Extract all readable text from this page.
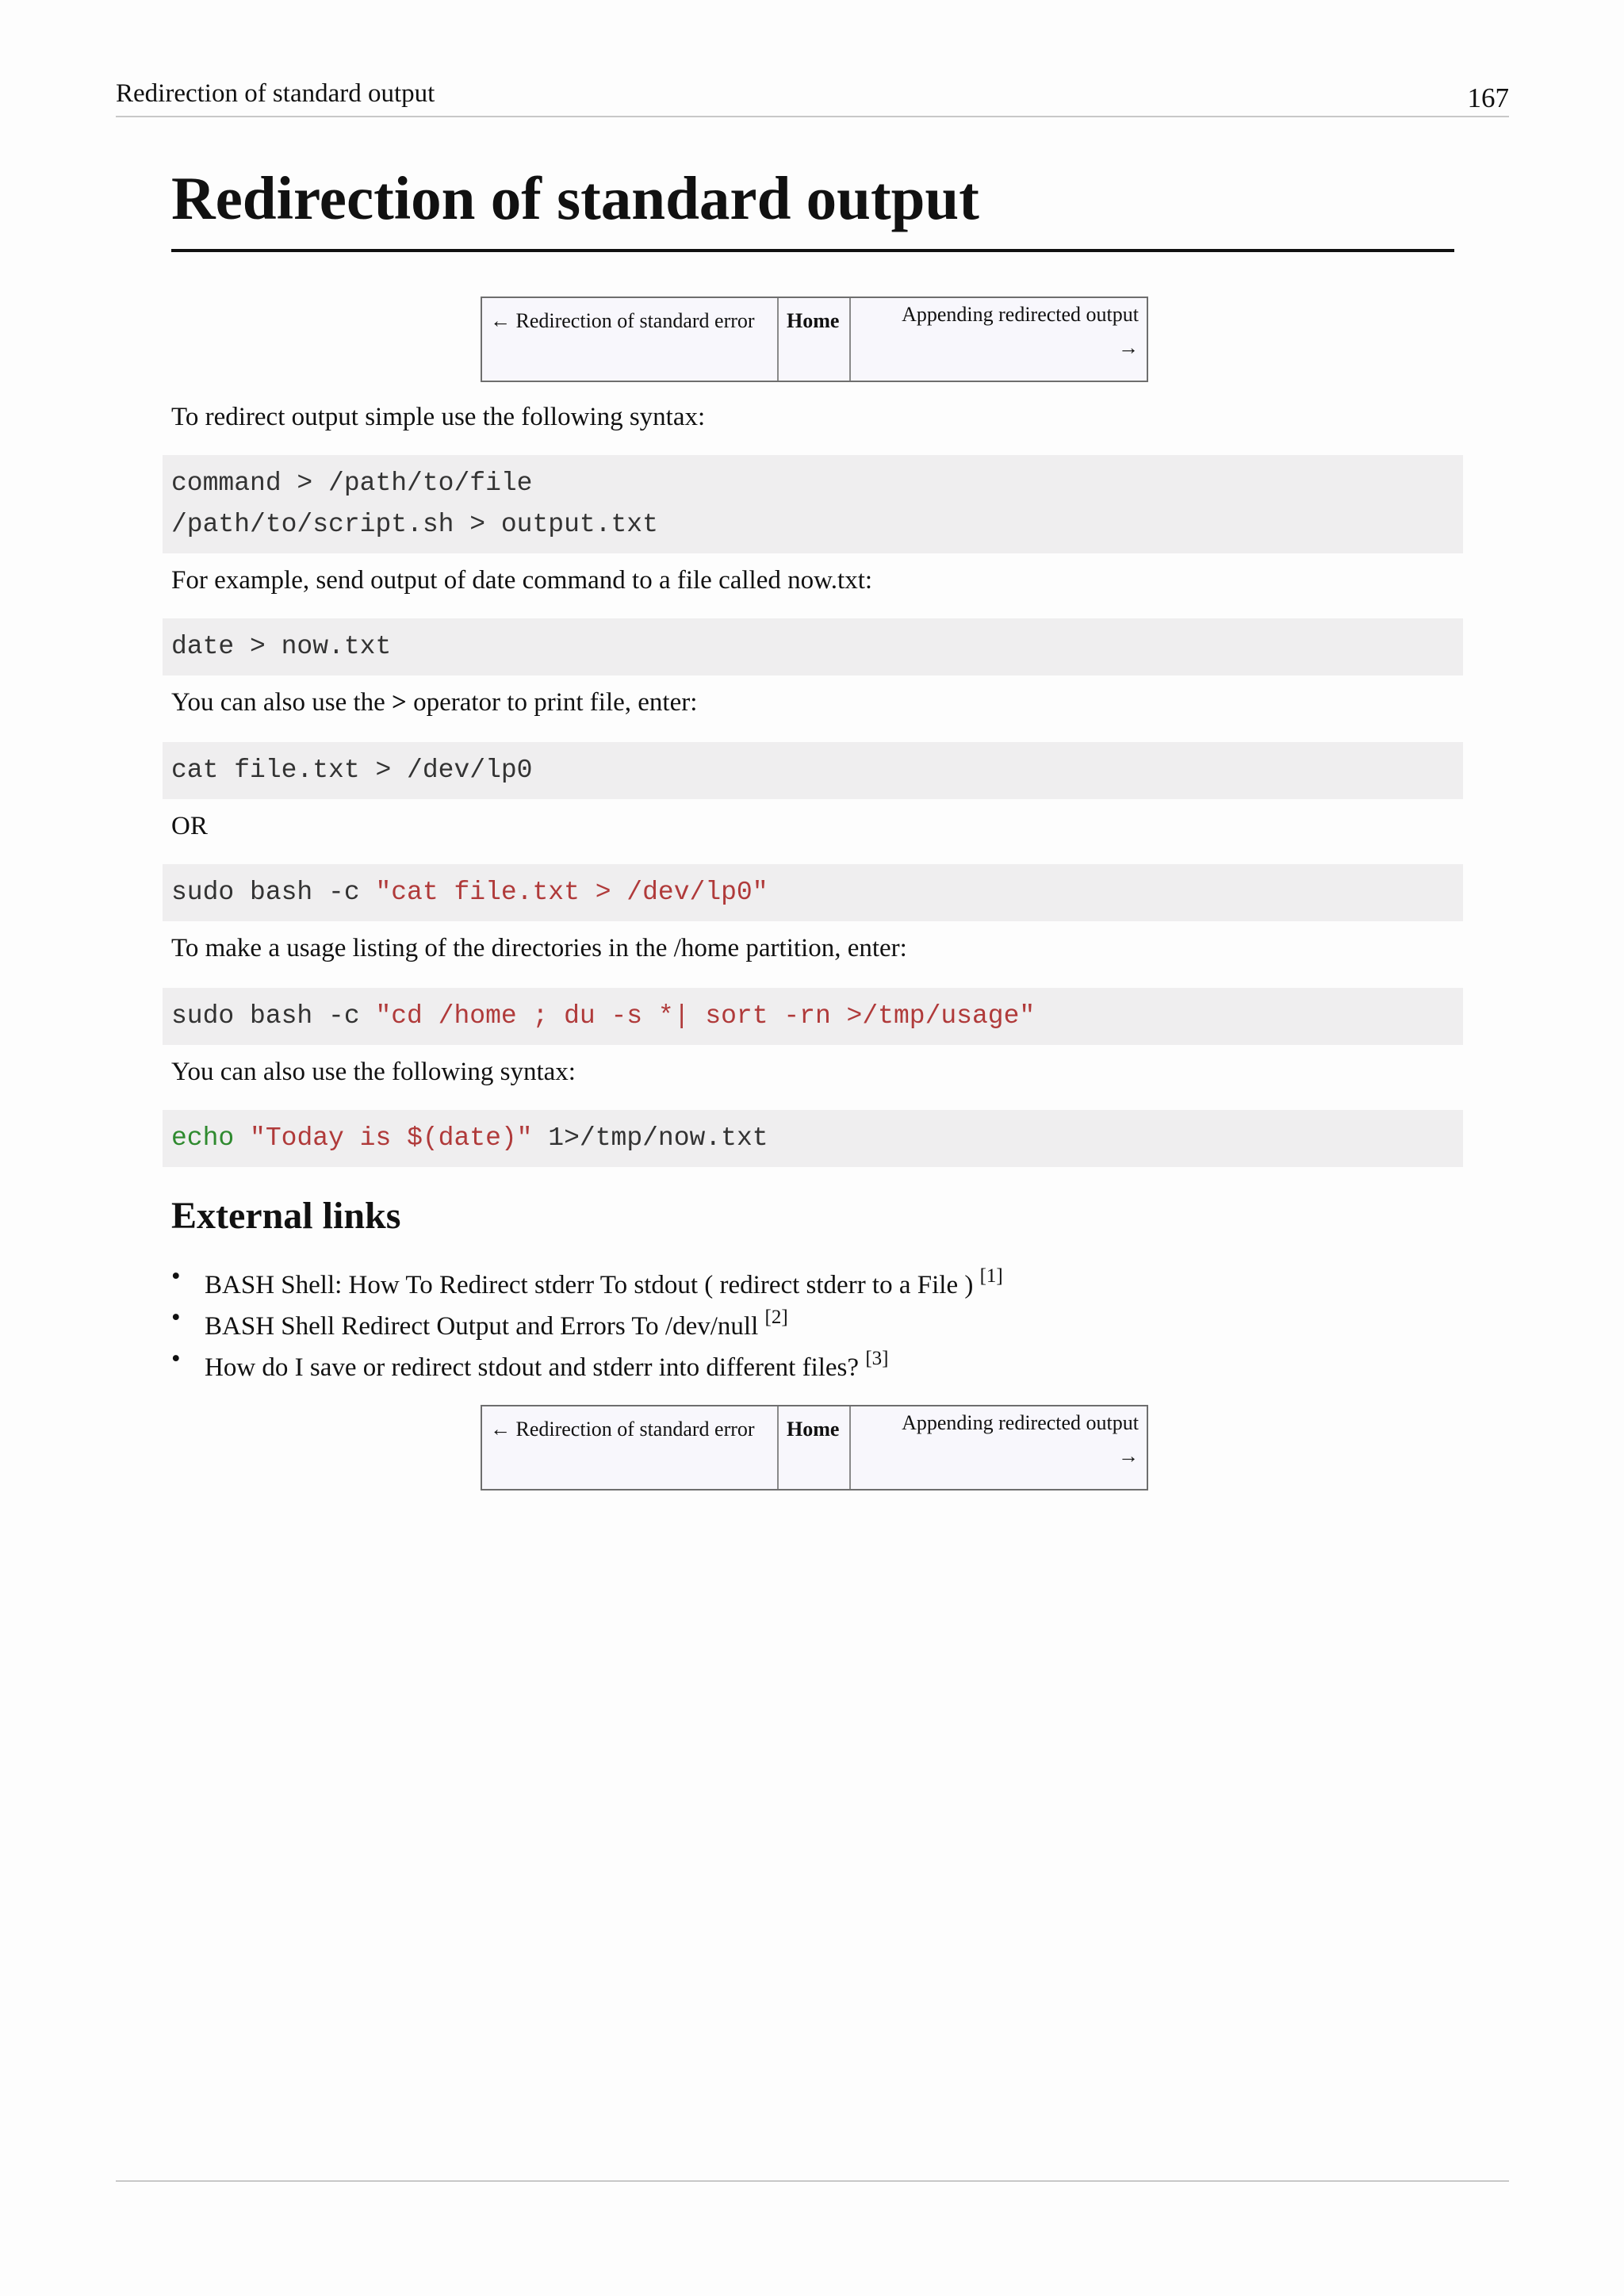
Redirection of standard output	167
Redirection of standard output
← Redirection of standard error	Home	Appending redirected output
→
To redirect output simple use the following syntax:
command > /path/to/file
/path/to/script.sh > output.txt
For example, send output of date command to a file called now.txt:
date > now.txt
You can also use the > operator to print file, enter:
cat file.txt > /dev/lp0
OR
sudo bash -c "cat file.txt > /dev/lp0"
To make a usage listing of the directories in the /home partition, enter:
sudo bash -c "cd /home ; du -s *| sort -rn >/tmp/usage"
You can also use the following syntax:
echo "Today is $(date)" 1>/tmp/now.txt
External links
• BASH Shell: How To Redirect stderr To stdout ( redirect stderr to a File ) [1]
• BASH Shell Redirect Output and Errors To /dev/null [2]
• How do I save or redirect stdout and stderr into different files? [3]
← Redirection of standard error	Home	Appending redirected output
→
